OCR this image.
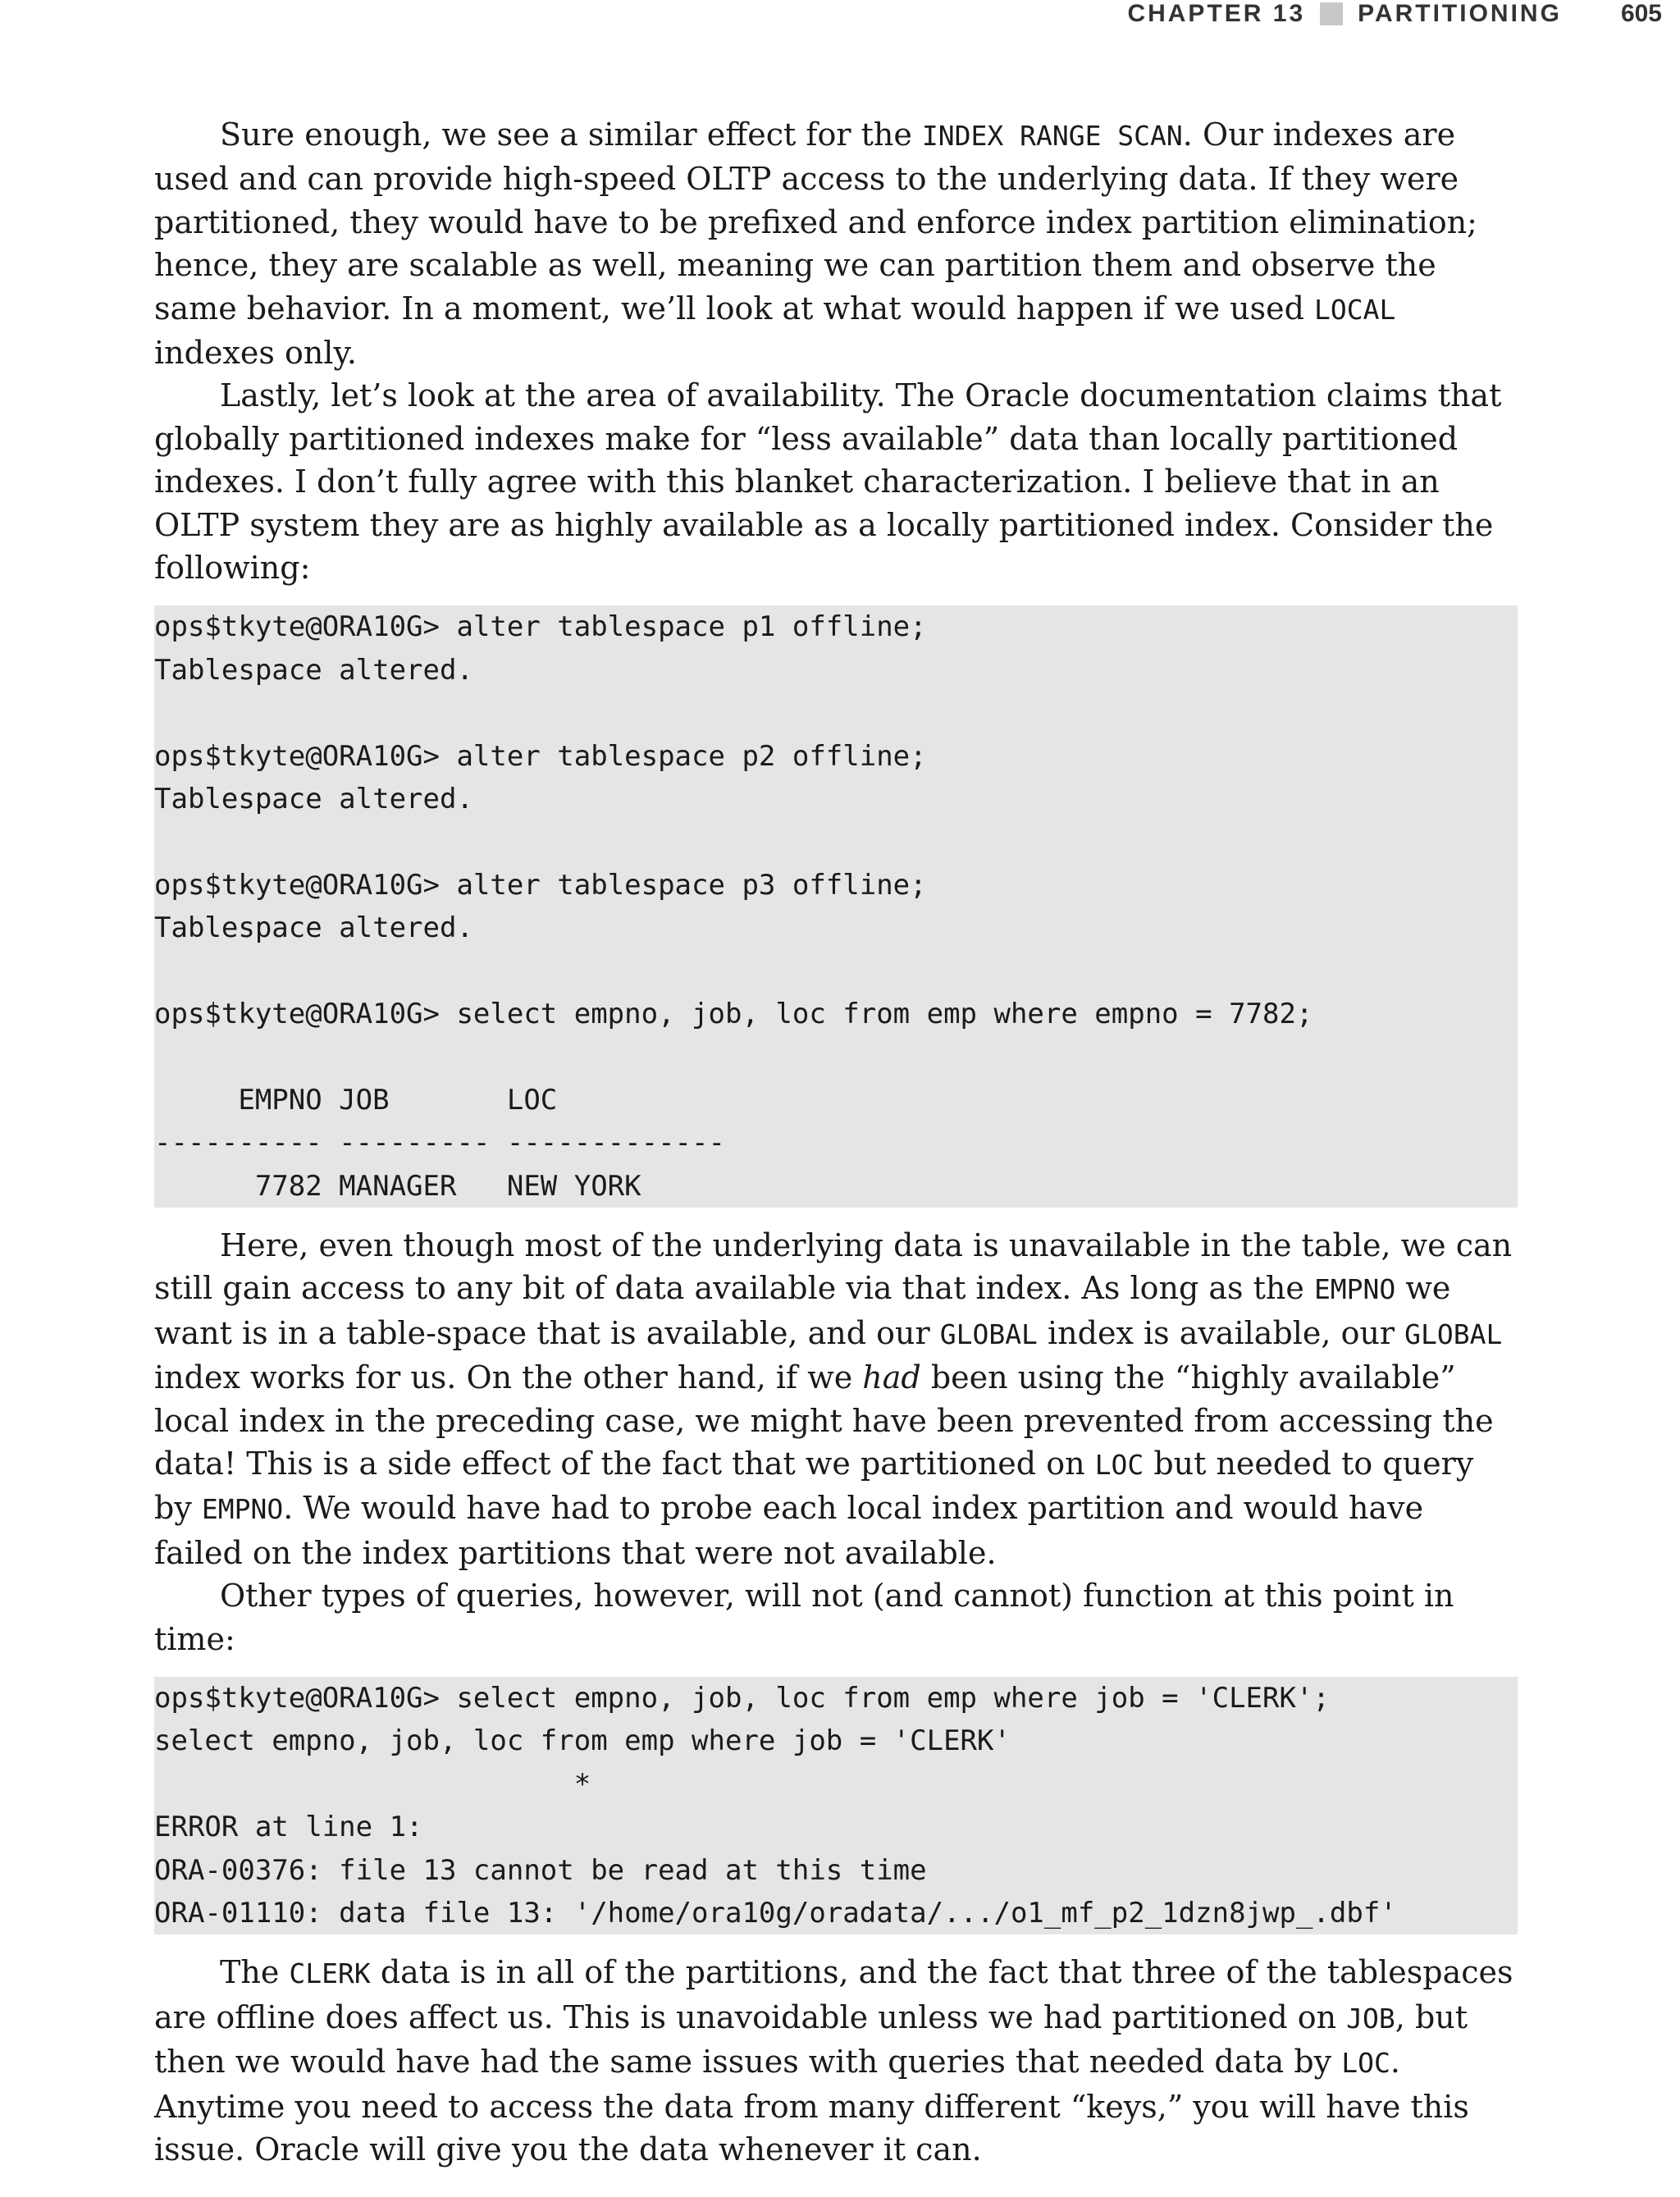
CHAPTER 13 PARTITIONING 605

Sure enough, we see a similar effect for the INDEX RANGE SCAN. Our indexes are used and can provide high-speed OLTP access to the underlying data. If they were partitioned, they would have to be prefixed and enforce index partition elimination; hence, they are scalable as well, meaning we can partition them and observe the same behavior. In a moment, we’ll look at what would happen if we used LOCAL indexes only.

Lastly, let’s look at the area of availability. The Oracle documentation claims that globally partitioned indexes make for “less available” data than locally partitioned indexes. I don’t fully agree with this blanket characterization. I believe that in an OLTP system they are as highly available as a locally partitioned index. Consider the following:

ops$tkyte@ORA10G> alter tablespace p1 offline;
Tablespace altered.
ops$tkyte@ORA10G> alter tablespace p2 offline;
Tablespace altered.
ops$tkyte@ORA10G> alter tablespace p3 offline;
Tablespace altered.
ops$tkyte@ORA10G> select empno, job, loc from emp where empno = 7782;
EMPNO JOB       LOC
---------- --------- -------------
7782 MANAGER   NEW YORK

Here, even though most of the underlying data is unavailable in the table, we can still gain access to any bit of data available via that index. As long as the EMPNO we want is in a table-space that is available, and our GLOBAL index is available, our GLOBAL index works for us. On the other hand, if we had been using the “highly available” local index in the preceding case, we might have been prevented from accessing the data! This is a side effect of the fact that we partitioned on LOC but needed to query by EMPNO. We would have had to probe each local index partition and would have failed on the index partitions that were not available.

Other types of queries, however, will not (and cannot) function at this point in time:

ops$tkyte@ORA10G> select empno, job, loc from emp where job = 'CLERK';
select empno, job, loc from emp where job = 'CLERK'
*
ERROR at line 1:
ORA-00376: file 13 cannot be read at this time
ORA-01110: data file 13: '/home/ora10g/oradata/.../o1_mf_p2_1dzn8jwp_.dbf'

The CLERK data is in all of the partitions, and the fact that three of the tablespaces are offline does affect us. This is unavoidable unless we had partitioned on JOB, but then we would have had the same issues with queries that needed data by LOC. Anytime you need to access the data from many different “keys,” you will have this issue. Oracle will give you the data whenever it can.
